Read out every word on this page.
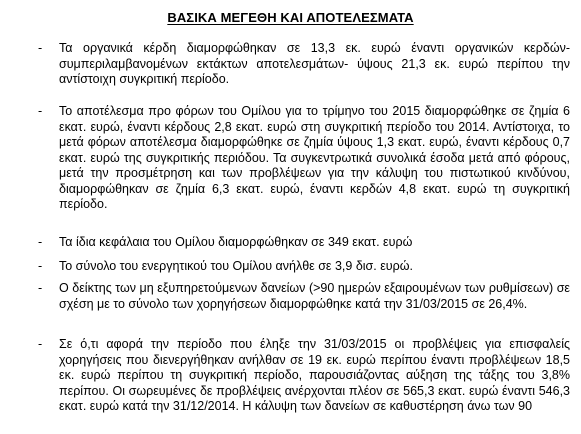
ΒΑΣΙΚΑ ΜΕΓΕΘΗ ΚΑΙ ΑΠΟΤΕΛΕΣΜΑΤΑ
- Τα οργανικά κέρδη διαμορφώθηκαν σε 13,3 εκ. ευρώ έναντι οργανικών κερδών- συμπεριλαμβανομένων εκτάκτων αποτελεσμάτων- ύψους 21,3 εκ. ευρώ περίπου την αντίστοιχη συγκριτική περίοδο.
- Το αποτέλεσμα προ φόρων του Ομίλου για το τρίμηνο του 2015 διαμορφώθηκε σε ζημία 6 εκατ. ευρώ, έναντι κέρδους 2,8 εκατ. ευρώ στη συγκριτική περίοδο του 2014. Αντίστοιχα, το μετά φόρων αποτέλεσμα διαμορφώθηκε σε ζημία ύψους 1,3 εκατ. ευρώ, έναντι κέρδους 0,7 εκατ. ευρώ της συγκριτικής περιόδου. Τα συγκεντρωτικά συνολικά έσοδα μετά από φόρους, μετά την προσμέτρηση και των προβλέψεων για την κάλυψη του πιστωτικού κινδύνου, διαμορφώθηκαν σε ζημία 6,3 εκατ. ευρώ, έναντι κερδών 4,8 εκατ. ευρώ τη συγκριτική περίοδο.
- Τα ίδια κεφάλαια του Ομίλου διαμορφώθηκαν σε 349 εκατ. ευρώ
- Το σύνολο του ενεργητικού του Ομίλου ανήλθε σε 3,9 δισ. ευρώ.
- Ο δείκτης των μη εξυπηρετούμενων δανείων (>90 ημερών εξαιρουμένων των ρυθμίσεων) σε σχέση με το σύνολο των χορηγήσεων διαμορφώθηκε κατά την 31/03/2015 σε 26,4%.
- Σε ό,τι αφορά την περίοδο που έληξε την 31/03/2015 οι προβλέψεις για επισφαλείς χορηγήσεις που διενεργήθηκαν ανήλθαν σε 19 εκ. ευρώ περίπου έναντι προβλέψεων 18,5 εκ. ευρώ περίπου τη συγκριτική περίοδο, παρουσιάζοντας αύξηση της τάξης του 3,8% περίπου. Οι σωρευμένες δε προβλέψεις ανέρχονται πλέον σε 565,3 εκατ. ευρώ έναντι 546,3 εκατ. ευρώ κατά την 31/12/2014. Η κάλυψη των δανείων σε καθυστέρηση άνω των 90
